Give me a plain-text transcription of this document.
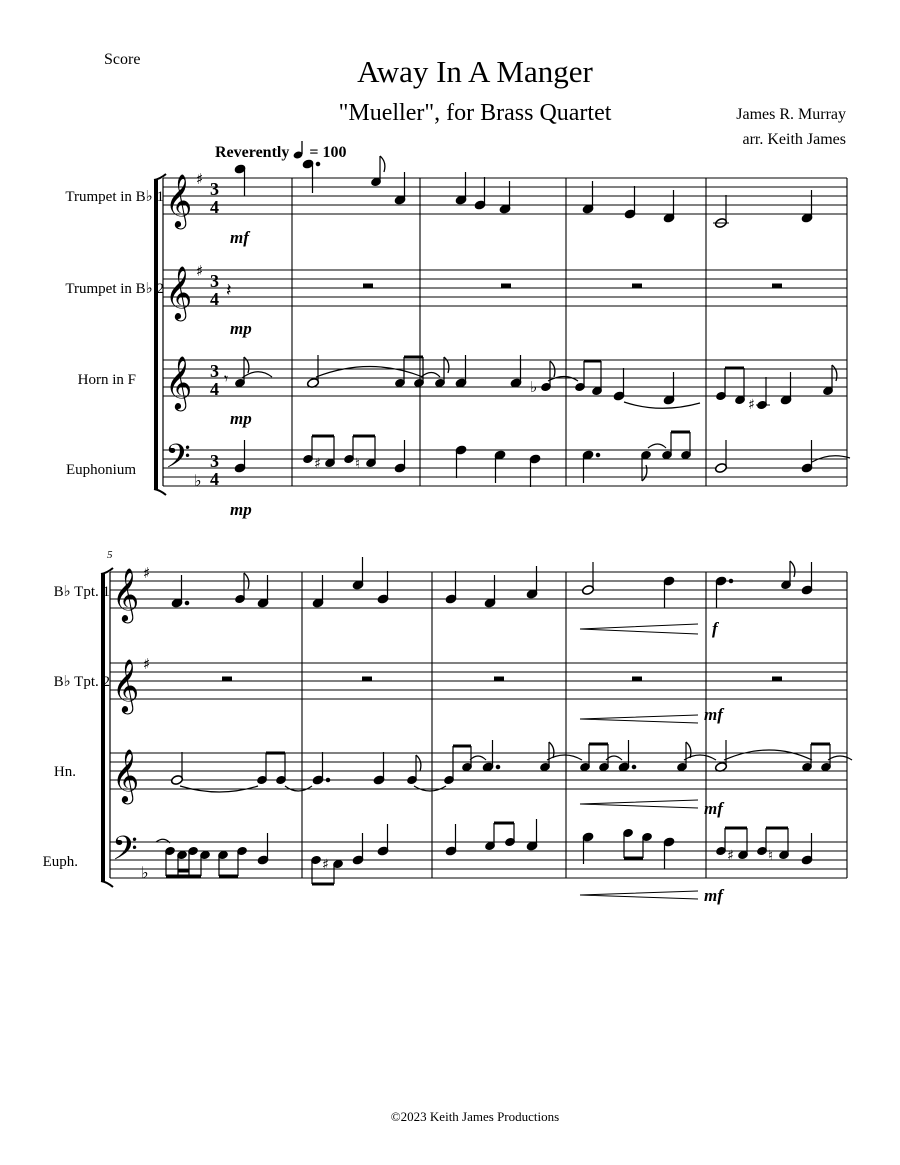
Score	Away In A Manger
"Mueller", for Brass Quartet	James R. Murray
arr. Keith James
Reverently = 100
𝄞
𝄞
𝄞
𝄢
♯
♯
♭
3
4
3
4
3
4
3
4
𝄽
𝄾	♭
♯
♯ ♮
𝄞
𝄞
𝄞
𝄢
♯
♯
♭	♯
♯ ♮
Trumpet in B♭ 1
Trumpet in B♭ 2
Horn in F
Euphonium
B♭ Tpt. 1
B♭ Tpt. 2
Hn.
Euph.
5
mf
mp
mp
mp
f
mf
mf
mf
©2023 Keith James Productions
